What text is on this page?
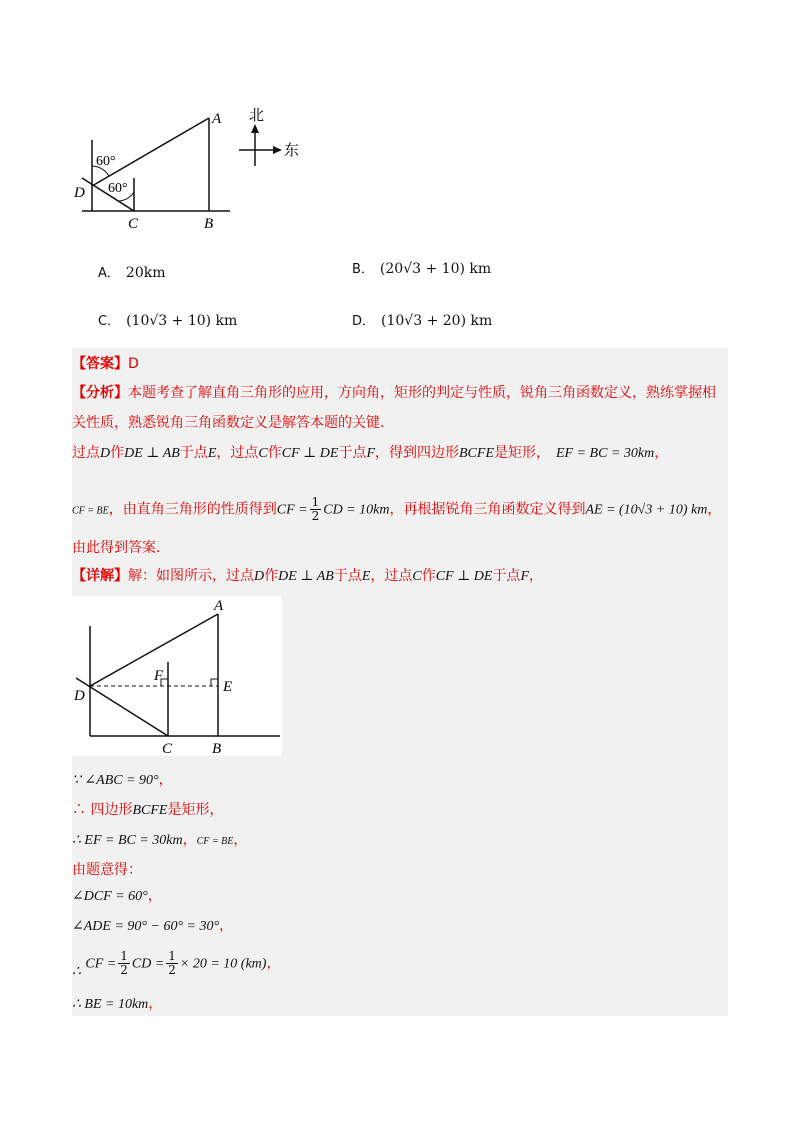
60°
60°
A
B
C
D
北
东
A． 20km	B． (20√3 + 10) km
C． (10√3 + 10) km	D． (10√3 + 20) km
【答案】D
【分析】本题考查了解直角三角形的应用，方向角，矩形的判定与性质，锐角三角函数定义，熟练掌握相
关性质，熟悉锐角三角函数定义是解答本题的关键.
过点D作DE ⊥ AB于点E，过点C作CF ⊥ DE于点F，得到四边形BCFE是矩形， EF = BC = 30km，
CF = BE，由直角三角形的性质得到CF = $\frac{1}{2}$ CD = 10km，再根据锐角三角函数定义得到AE = (10√3 + 10) km，
由此得到答案.
【详解】解：如图所示，过点D作DE ⊥ AB于点E，过点C作CF ⊥ DE于点F，
A
B
C
D
E
F
∵ ∠ABC = 90°，
∴ 四边形BCFE是矩形，
∴ EF = BC = 30km，CF = BE，
由题意得：
∠DCF = 60°，
∠ADE = 90° − 60° = 30°，
∴ CF = $\frac{1}{2}$ CD = $\frac{1}{2} \times 20 = 10$ (km)，
∴ BE = 10km，
